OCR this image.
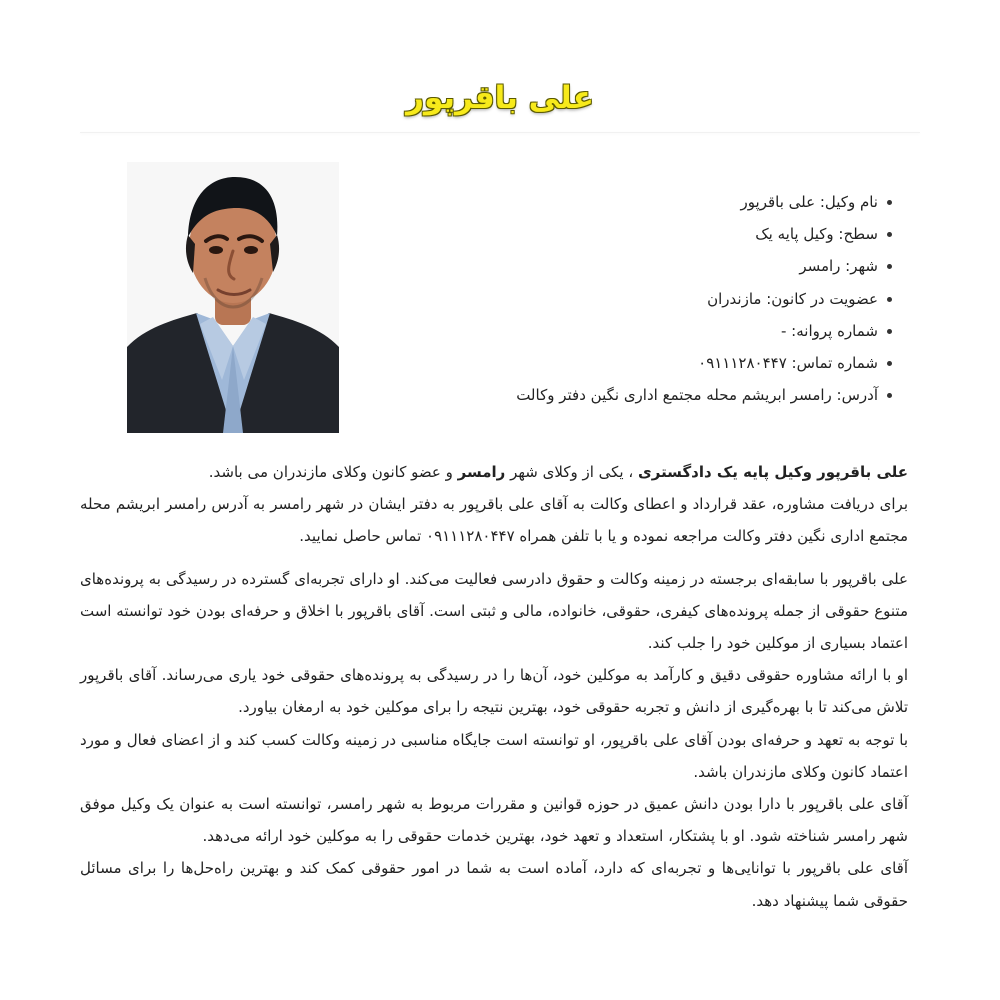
علی باقرپور
نام وکیل: علی باقرپور
سطح: وکیل پایه یک
شهر: رامسر
عضویت در کانون: مازندران
شماره پروانه: -
شماره تماس: ۰۹۱۱۱۲۸۰۴۴۷
آدرس: رامسر ابریشم محله مجتمع اداری نگین دفتر وکالت

علی باقرپور وکیل پایه یک دادگستری ، یکی از وکلای شهر رامسر و عضو کانون وکلای مازندران می باشد.

برای دریافت مشاوره، عقد قرارداد و اعطای وکالت به آقای علی باقرپور به دفتر ایشان در شهر رامسر به آدرس رامسر ابریشم محله مجتمع اداری نگین دفتر وکالت مراجعه نموده و یا با تلفن همراه ۰۹۱۱۱۲۸۰۴۴۷ تماس حاصل نمایید.

علی باقرپور با سابقه‌ای برجسته در زمینه وکالت و حقوق دادرسی فعالیت می‌کند. او دارای تجربه‌ای گسترده در رسیدگی به پرونده‌های متنوع حقوقی از جمله پرونده‌های کیفری، حقوقی، خانواده، مالی و ثبتی است. آقای باقرپور با اخلاق و حرفه‌ای بودن خود توانسته است اعتماد بسیاری از موکلین خود را جلب کند.

او با ارائه مشاوره حقوقی دقیق و کارآمد به موکلین خود، آن‌ها را در رسیدگی به پرونده‌های حقوقی خود یاری می‌رساند. آقای باقرپور تلاش می‌کند تا با بهره‌گیری از دانش و تجربه حقوقی خود، بهترین نتیجه را برای موکلین خود به ارمغان بیاورد.

با توجه به تعهد و حرفه‌ای بودن آقای علی باقرپور، او توانسته است جایگاه مناسبی در زمینه وکالت کسب کند و از اعضای فعال و مورد اعتماد کانون وکلای مازندران باشد.

آقای علی باقرپور با دارا بودن دانش عمیق در حوزه قوانین و مقررات مربوط به شهر رامسر، توانسته است به عنوان یک وکیل موفق شهر رامسر شناخته شود. او با پشتکار، استعداد و تعهد خود، بهترین خدمات حقوقی را به موکلین خود ارائه می‌دهد.

آقای علی باقرپور با توانایی‌ها و تجربه‌ای که دارد، آماده است به شما در امور حقوقی کمک کند و بهترین راه‌حل‌ها را برای مسائل حقوقی شما پیشنهاد دهد.
